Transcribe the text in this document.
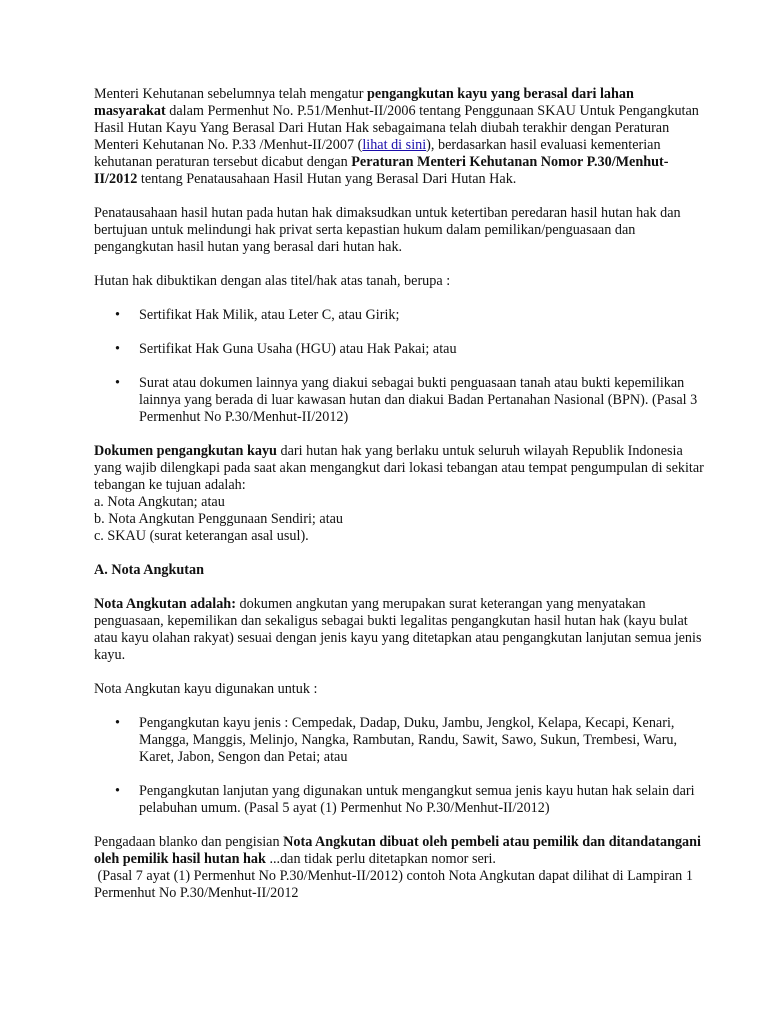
Menteri Kehutanan sebelumnya telah mengatur pengangkutan kayu yang berasal dari lahan masyarakat dalam Permenhut No. P.51/Menhut-II/2006 tentang Penggunaan SKAU Untuk Pengangkutan Hasil Hutan Kayu Yang Berasal Dari Hutan Hak sebagaimana telah diubah terakhir dengan Peraturan Menteri Kehutanan No. P.33 /Menhut-II/2007 (lihat di sini), berdasarkan hasil evaluasi kementerian kehutanan peraturan tersebut dicabut dengan Peraturan Menteri Kehutanan Nomor P.30/Menhut-II/2012 tentang Penatausahaan Hasil Hutan yang Berasal Dari Hutan Hak.

Penatausahaan hasil hutan pada hutan hak dimaksudkan untuk ketertiban peredaran hasil hutan hak dan bertujuan untuk melindungi hak privat serta kepastian hukum dalam pemilikan/penguasaan dan pengangkutan hasil hutan yang berasal dari hutan hak.

Hutan hak dibuktikan dengan alas titel/hak atas tanah, berupa :

• Sertifikat Hak Milik, atau Leter C, atau Girik;
• Sertifikat Hak Guna Usaha (HGU) atau Hak Pakai; atau
• Surat atau dokumen lainnya yang diakui sebagai bukti penguasaan tanah atau bukti kepemilikan lainnya yang berada di luar kawasan hutan dan diakui Badan Pertanahan Nasional (BPN). (Pasal 3 Permenhut No P.30/Menhut-II/2012)
Dokumen pengangkutan kayu dari hutan hak yang berlaku untuk seluruh wilayah Republik Indonesia yang wajib dilengkapi pada saat akan mengangkut dari lokasi tebangan atau tempat pengumpulan di sekitar tebangan ke tujuan adalah:
a. Nota Angkutan; atau
b. Nota Angkutan Penggunaan Sendiri; atau
c. SKAU (surat keterangan asal usul).

A. Nota Angkutan

Nota Angkutan adalah: dokumen angkutan yang merupakan surat keterangan yang menyatakan penguasaan, kepemilikan dan sekaligus sebagai bukti legalitas pengangkutan hasil hutan hak (kayu bulat atau kayu olahan rakyat) sesuai dengan jenis kayu yang ditetapkan atau pengangkutan lanjutan semua jenis kayu.

Nota Angkutan kayu digunakan untuk :

• Pengangkutan kayu jenis : Cempedak, Dadap, Duku, Jambu, Jengkol, Kelapa, Kecapi, Kenari, Mangga, Manggis, Melinjo, Nangka, Rambutan, Randu, Sawit, Sawo, Sukun, Trembesi, Waru, Karet, Jabon, Sengon dan Petai; atau
• Pengangkutan lanjutan yang digunakan untuk mengangkut semua jenis kayu hutan hak selain dari pelabuhan umum. (Pasal 5 ayat (1) Permenhut No P.30/Menhut-II/2012)
Pengadaan blanko dan pengisian Nota Angkutan dibuat oleh pembeli atau pemilik dan ditandatangani oleh pemilik hasil hutan hak ...dan tidak perlu ditetapkan nomor seri.
(Pasal 7 ayat (1) Permenhut No P.30/Menhut-II/2012) contoh Nota Angkutan dapat dilihat di Lampiran 1 Permenhut No P.30/Menhut-II/2012
